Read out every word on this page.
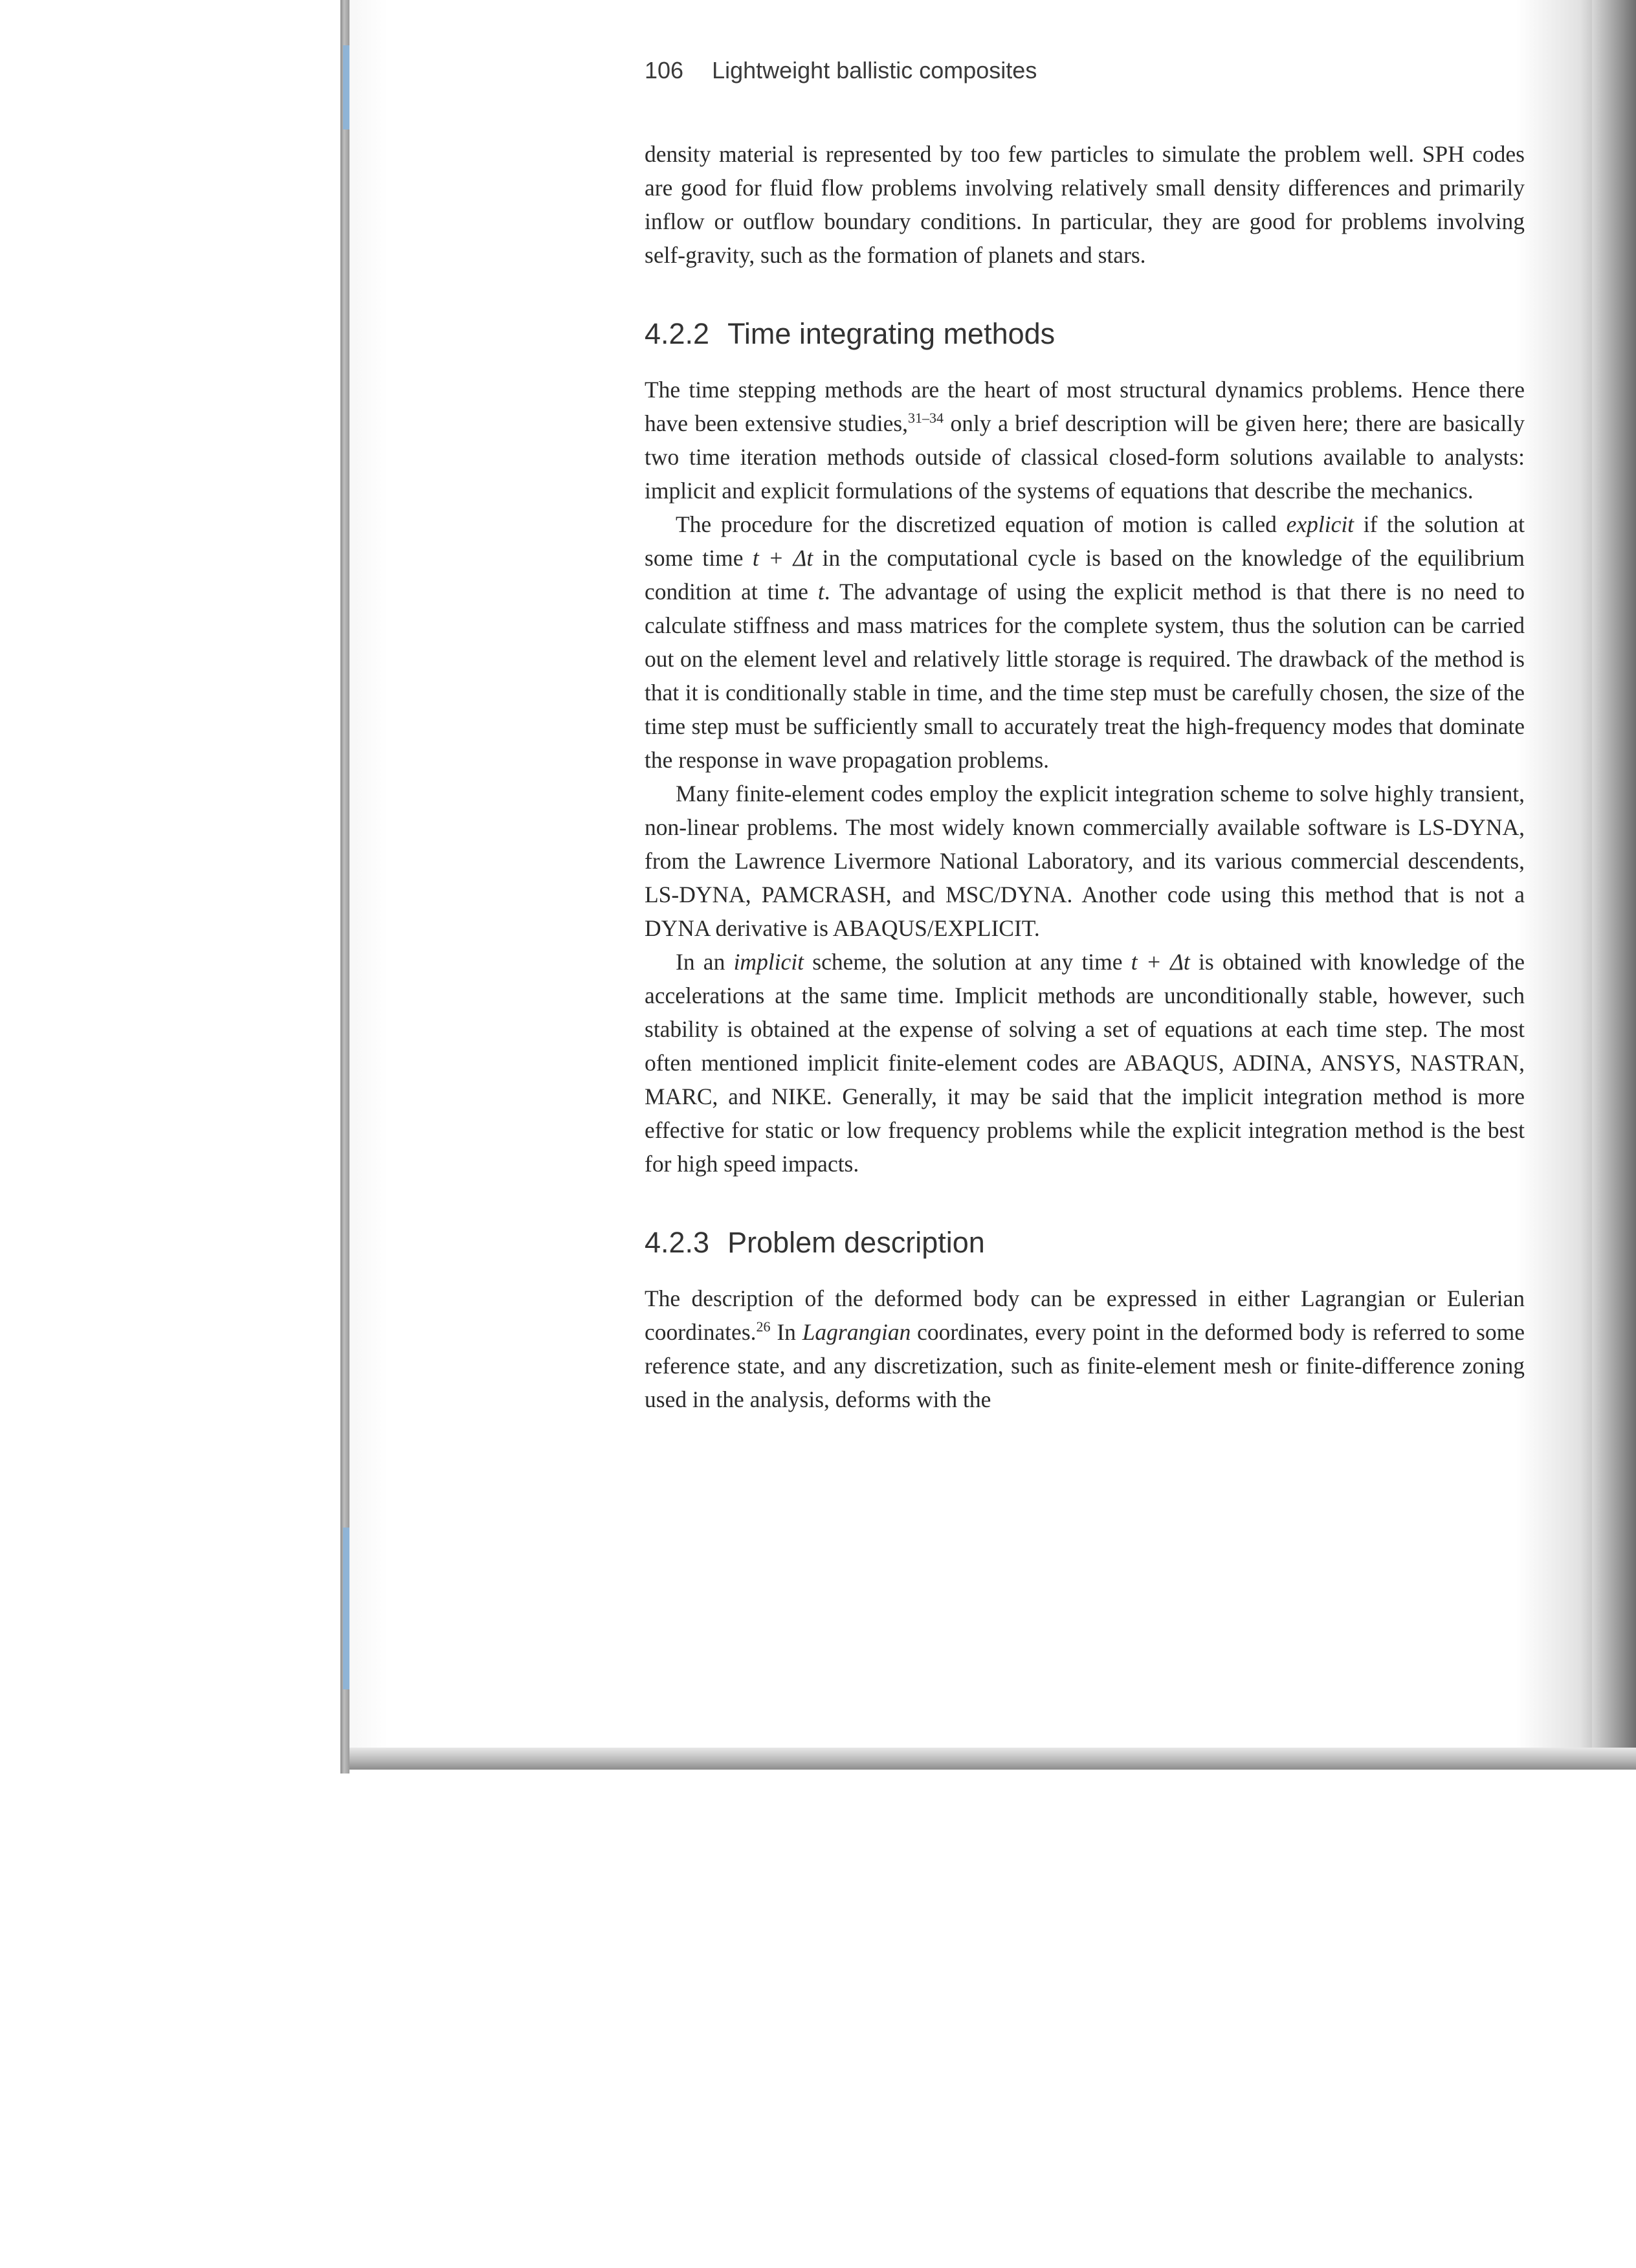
106 Lightweight ballistic composites

density material is represented by too few particles to simulate the problem well. SPH codes are good for fluid flow problems involving relatively small density differences and primarily inflow or outflow boundary conditions. In particular, they are good for problems involving self-gravity, such as the formation of planets and stars.

4.2.2 Time integrating methods

The time stepping methods are the heart of most structural dynamics problems. Hence there have been extensive studies,$^{31-34}$ only a brief description will be given here; there are basically two time iteration methods outside of classical closed-form solutions available to analysts: implicit and explicit formulations of the systems of equations that describe the mechanics.

The procedure for the discretized equation of motion is called explicit if the solution at some time t + Δt in the computational cycle is based on the knowledge of the equilibrium condition at time t. The advantage of using the explicit method is that there is no need to calculate stiffness and mass matrices for the complete system, thus the solution can be carried out on the element level and relatively little storage is required. The drawback of the method is that it is conditionally stable in time, and the time step must be carefully chosen, the size of the time step must be sufficiently small to accurately treat the high-frequency modes that dominate the response in wave propagation problems.

Many finite-element codes employ the explicit integration scheme to solve highly transient, non-linear problems. The most widely known commercially available software is LS-DYNA, from the Lawrence Livermore National Laboratory, and its various commercial descendents, LS-DYNA, PAMCRASH, and MSC/DYNA. Another code using this method that is not a DYNA derivative is ABAQUS/EXPLICIT.

In an implicit scheme, the solution at any time t + Δt is obtained with knowledge of the accelerations at the same time. Implicit methods are unconditionally stable, however, such stability is obtained at the expense of solving a set of equations at each time step. The most often mentioned implicit finite-element codes are ABAQUS, ADINA, ANSYS, NASTRAN, MARC, and NIKE. Generally, it may be said that the implicit integration method is more effective for static or low frequency problems while the explicit integration method is the best for high speed impacts.

4.2.3 Problem description

The description of the deformed body can be expressed in either Lagrangian or Eulerian coordinates.$^{26}$ In Lagrangian coordinates, every point in the deformed body is referred to some reference state, and any discretization, such as finite-element mesh or finite-difference zoning used in the analysis, deforms with the
